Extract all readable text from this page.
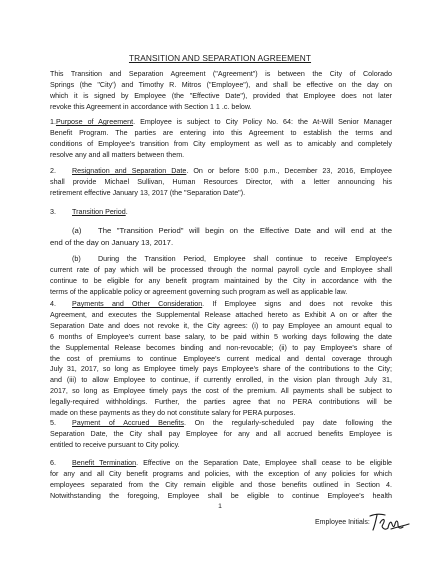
TRANSITION AND SEPARATION AGREEMENT
This Transition and Separation Agreement ("Agreement") is between the City of Colorado
Springs (the "City') and Timothy R. Mitros ("Employee"), and shall be effective on the day on
which it is signed by Employee (the "Effective Date"), provided that Employee does not later
revoke this Agreement in accordance with Section 1 1 .c. below.
1.Purpose of Agreement. Employee is subject to City Policy No. 64: the At-Will Senior Manager
Benefit Program. The parties are entering into this Agreement to establish the terms and
conditions of Employee's transition from City employment as well as to amicably and completely
resolve any and all matters between them.
2. Resignation and Separation Date. On or before 5:00 p.m., December 23, 2016, Employee
shall provide Michael Sullivan, Human Resources Director, with a letter announcing his
retirement effective January 13, 2017 (the "Separation Date").
3. Transition Period.
(a) The "Transition Period" will begin on the Effective Date and will end at the
end of the day on January 13, 2017.
(b) During the Transition Period, Employee shall continue to receive Employee's
current rate of pay which will be processed through the normal payroll cycle and Employee shall
continue to be eligible for any benefit program maintained by the City in accordance with the
terms of the applicable policy or agreement governing such program as well as applicable law.
4. Payments and Other Consideration. If Employee signs and does not revoke this
Agreement, and executes the Supplemental Release attached hereto as Exhibit A on or after the
Separation Date and does not revoke it, the City agrees: (i) to pay Employee an amount equal to
6 months of Employee's current base salary, to be paid within 5 working days following the date
the Supplemental Release becomes binding and non-revocable; (ii) to pay Employee's share of
the cost of premiums to continue Employee's current medical and dental coverage through
July 31, 2017, so long as Employee timely pays Employee's share of the contributions to the City;
and (iii) to allow Employee to continue, if currently enrolled, in the vision plan through July 31,
2017, so long as Employee timely pays the cost of the premium. All payments shall be subject to
legally-required withholdings. Further, the parties agree that no PERA contributions will be
made on these payments as they do not constitute salary for PERA purposes.
5. Payment of Accrued Benefits. On the regularly-scheduled pay date following the
Separation Date, the City shall pay Employee for any and all accrued benefits Employee is
entitled to receive pursuant to City policy.
6. Benefit Termination. Effective on the Separation Date, Employee shall cease to be eligible
for any and all City benefit programs and policies, with the exception of any policies for which
employees separated from the City remain eligible and those benefits outlined in Section 4.
Notwithstanding the foregoing, Employee shall be eligible to continue Employee's health
1
Employee Initials:
